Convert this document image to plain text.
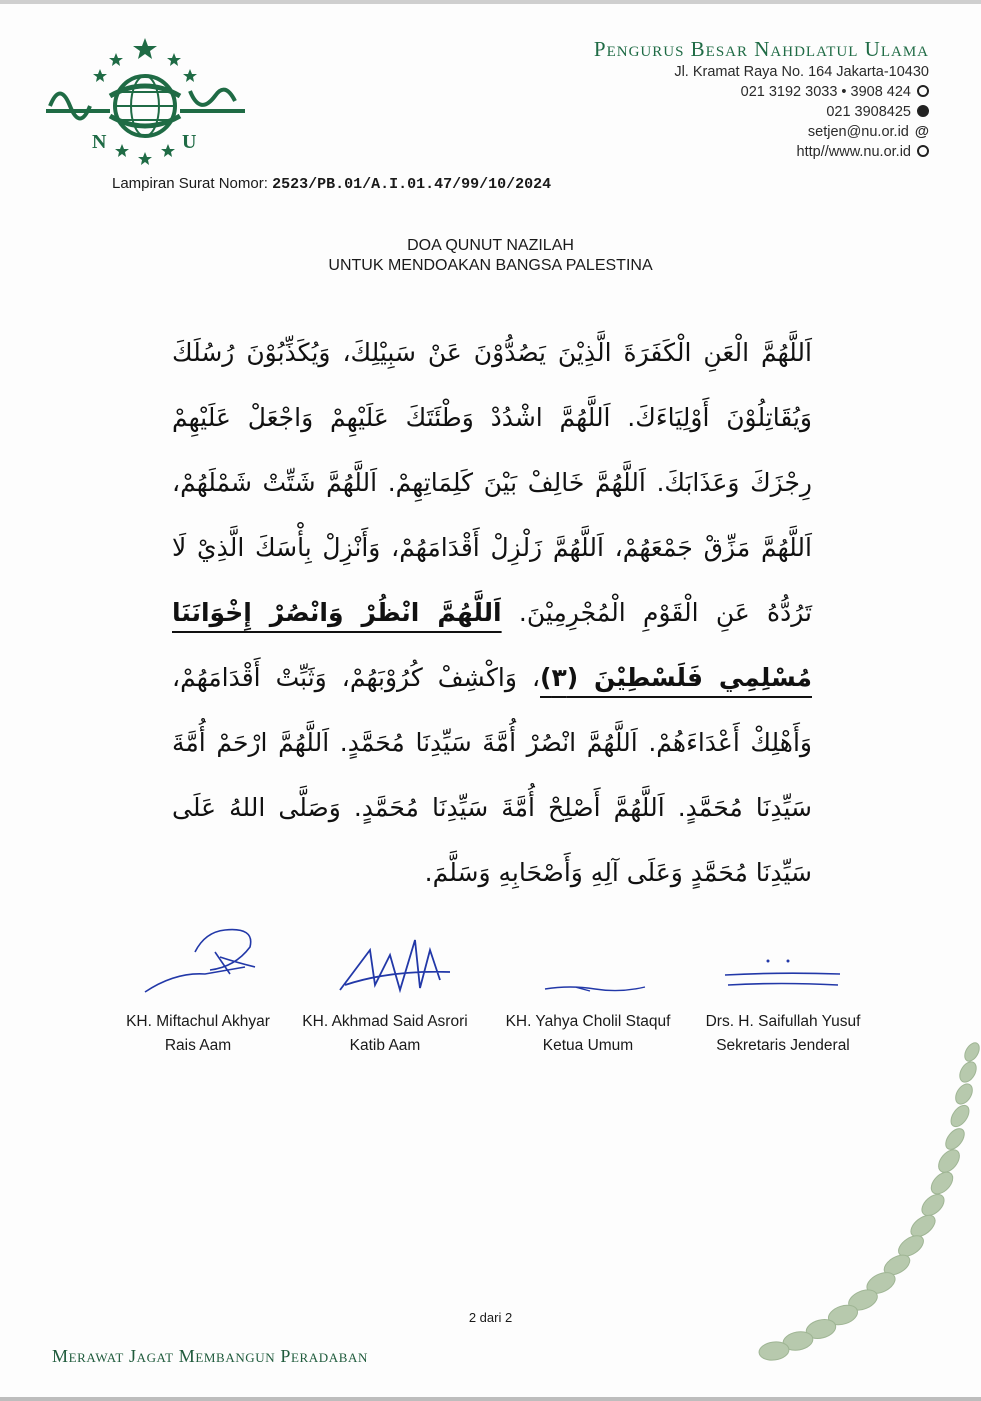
N	U
Pengurus Besar Nahdlatul Ulama
Jl. Kramat Raya No. 164 Jakarta-10430
021 3192 3033 • 3908 424
021 3908425
setjen@nu.or.id @
http//www.nu.or.id
Lampiran Surat Nomor: 2523/PB.01/A.I.01.47/99/10/2024
DOA QUNUT NAZILAH
UNTUK MENDOAKAN BANGSA PALESTINA
اَللَّهُمَّ الْعَنِ الْكَفَرَةَ الَّذِيْنَ يَصُدُّوْنَ عَنْ سَبِيْلِكَ، وَيُكَذِّبُوْنَ رُسُلَكَ وَيُقَاتِلُوْنَ أَوْلِيَاءَكَ. اَللَّهُمَّ اشْدُدْ وَطْئَتَكَ عَلَيْهِمْ وَاجْعَلْ عَلَيْهِمْ رِجْزَكَ وَعَذَابَكَ. اَللَّهُمَّ خَالِفْ بَيْنَ كَلِمَاتِهِمْ. اَللَّهُمَّ شَتِّتْ شَمْلَهُمْ، اَللَّهُمَّ مَزِّقْ جَمْعَهُمْ، اَللَّهُمَّ زَلْزِلْ أَقْدَامَهُمْ، وَأَنْزِلْ بِأْسَكَ الَّذِيْ لَا تَرُدُّهُ عَنِ الْقَوْمِ الْمُجْرِمِيْنَ. اَللَّهُمَّ انْظُرْ وَانْصُرْ إِخْوَانَنَا مُسْلِمِي فَلَسْطِيْنَ (٣)، وَاكْشِفْ كُرُوْبَهُمْ، وَثَبِّتْ أَقْدَامَهُمْ، وَأَهْلِكْ أَعْدَاءَهُمْ. اَللَّهُمَّ انْصُرْ أُمَّةَ سَيِّدِنَا مُحَمَّدٍ. اَللَّهُمَّ ارْحَمْ أُمَّةَ سَيِّدِنَا مُحَمَّدٍ. اَللَّهُمَّ أَصْلِحْ أُمَّةَ سَيِّدِنَا مُحَمَّدٍ. وَصَلَّى اللهُ عَلَى سَيِّدِنَا مُحَمَّدٍ وَعَلَى آلِهِ وَأَصْحَابِهِ وَسَلَّمَ.
KH. Miftachul Akhyar
Rais Aam
KH. Akhmad Said Asrori
Katib Aam
KH. Yahya Cholil Staquf
Ketua Umum
Drs. H. Saifullah Yusuf
Sekretaris Jenderal
2 dari 2
Merawat Jagat Membangun Peradaban
